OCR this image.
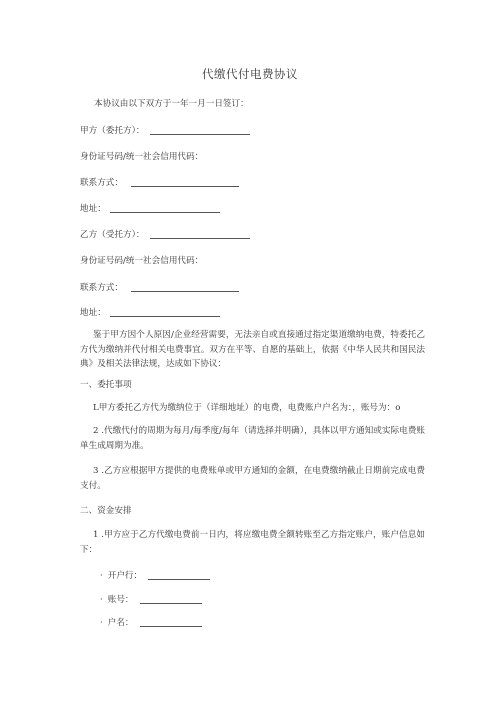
代缴代付电费协议
本协议由以下双方于一年一月一日签订：
甲方（委托方）：
身份证号码/统一社会信用代码：
联系方式：
地址：
乙方（受托方）：
身份证号码/统一社会信用代码：
联系方式：
地址：
鉴于甲方因个人原因/企业经营需要，无法亲自或直接通过指定渠道缴纳电费，特委托乙方代为缴纳并代付相关电费事宜。双方在平等、自愿的基础上，依据《中华人民共和国民法典》及相关法律法规，达成如下协议：
一、委托事项
L甲方委托乙方代为缴纳位于（详细地址）的电费，电费账户户名为：，账号为：o
2 .代缴代付的周期为每月/每季度/每年（请选择并明确），具体以甲方通知或实际电费账单生成周期为准。
3 .乙方应根据甲方提供的电费账单或甲方通知的金额，在电费缴纳截止日期前完成电费支付。
二、资金安排
1 .甲方应于乙方代缴电费前一日内，将应缴电费全额转账至乙方指定账户，账户信息如下：
· 开户行：
· 账号：
· 户名：
